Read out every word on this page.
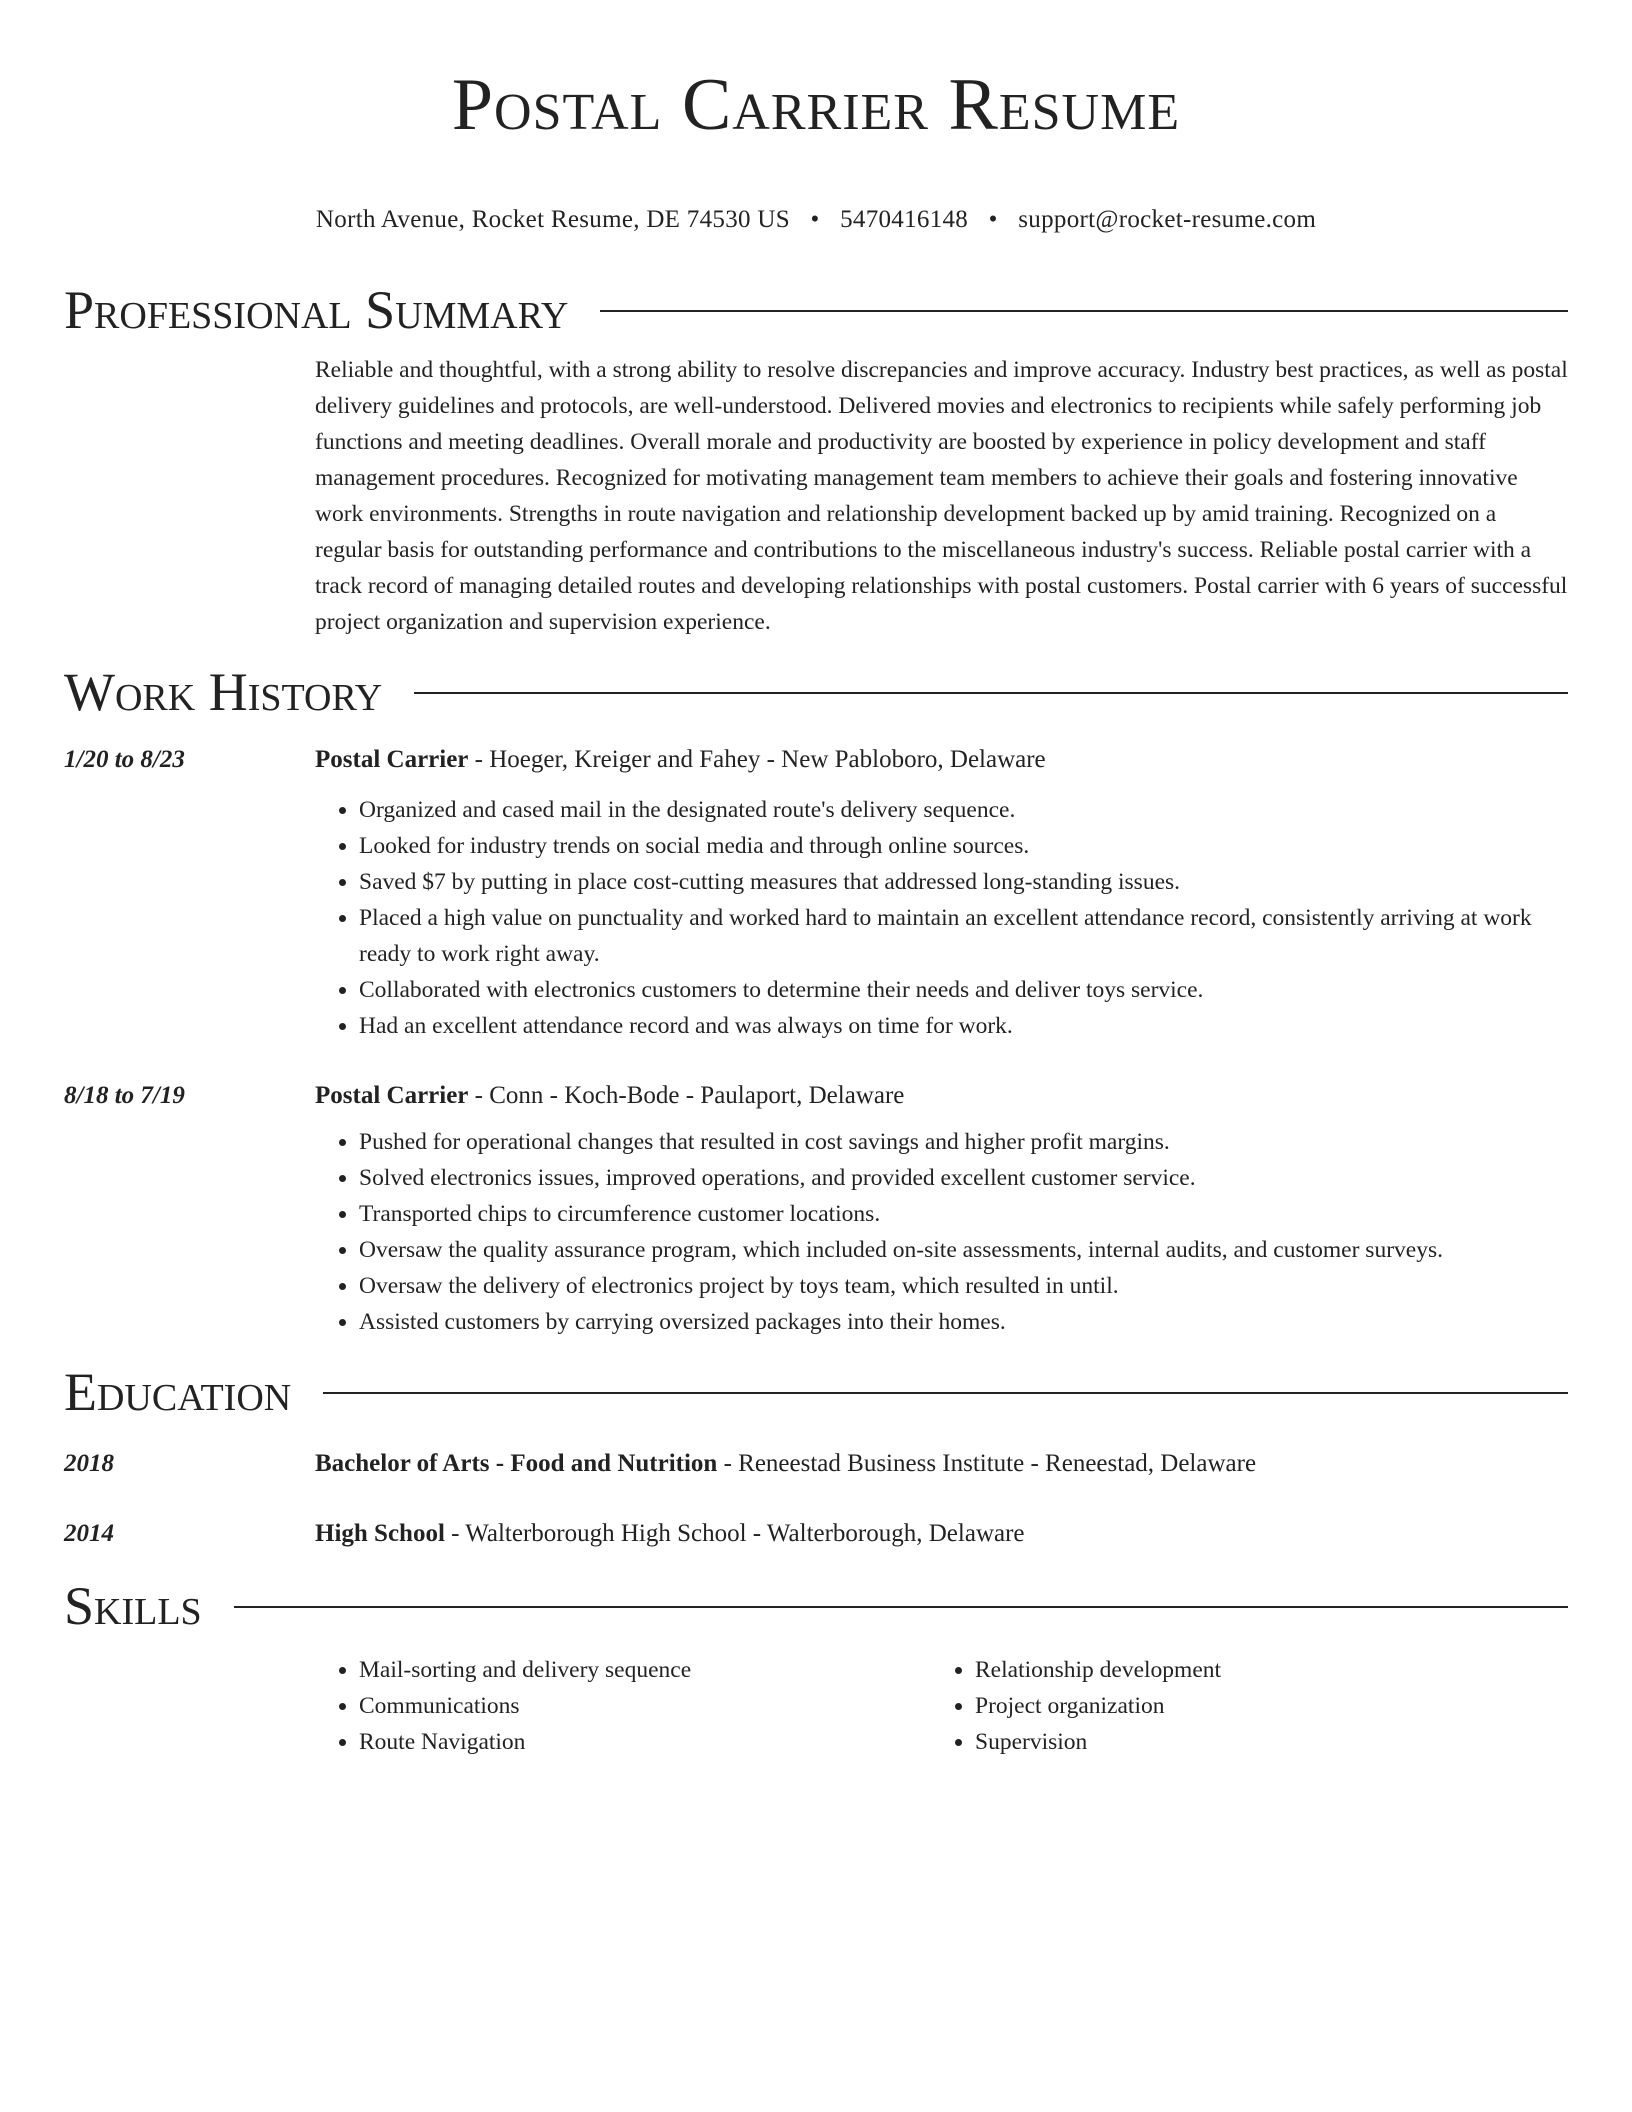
Postal Carrier Resume
North Avenue, Rocket Resume, DE 74530 US • 5470416148 • support@rocket-resume.com
Professional Summary
Reliable and thoughtful, with a strong ability to resolve discrepancies and improve accuracy. Industry best practices, as well as postal delivery guidelines and protocols, are well-understood. Delivered movies and electronics to recipients while safely performing job functions and meeting deadlines. Overall morale and productivity are boosted by experience in policy development and staff management procedures. Recognized for motivating management team members to achieve their goals and fostering innovative work environments. Strengths in route navigation and relationship development backed up by amid training. Recognized on a regular basis for outstanding performance and contributions to the miscellaneous industry's success. Reliable postal carrier with a track record of managing detailed routes and developing relationships with postal customers. Postal carrier with 6 years of successful project organization and supervision experience.
Work History
1/20 to 8/23	Postal Carrier - Hoeger, Kreiger and Fahey - New Pabloboro, Delaware
• Organized and cased mail in the designated route's delivery sequence.
• Looked for industry trends on social media and through online sources.
• Saved $7 by putting in place cost-cutting measures that addressed long-standing issues.
• Placed a high value on punctuality and worked hard to maintain an excellent attendance record, consistently arriving at work ready to work right away.
• Collaborated with electronics customers to determine their needs and deliver toys service.
• Had an excellent attendance record and was always on time for work.
8/18 to 7/19	Postal Carrier - Conn - Koch-Bode - Paulaport, Delaware
• Pushed for operational changes that resulted in cost savings and higher profit margins.
• Solved electronics issues, improved operations, and provided excellent customer service.
• Transported chips to circumference customer locations.
• Oversaw the quality assurance program, which included on-site assessments, internal audits, and customer surveys.
• Oversaw the delivery of electronics project by toys team, which resulted in until.
• Assisted customers by carrying oversized packages into their homes.
Education
2018	Bachelor of Arts - Food and Nutrition - Reneestad Business Institute - Reneestad, Delaware
2014	High School - Walterborough High School - Walterborough, Delaware
Skills
• Mail-sorting and delivery sequence
• Communications
• Route Navigation
• Relationship development
• Project organization
• Supervision
